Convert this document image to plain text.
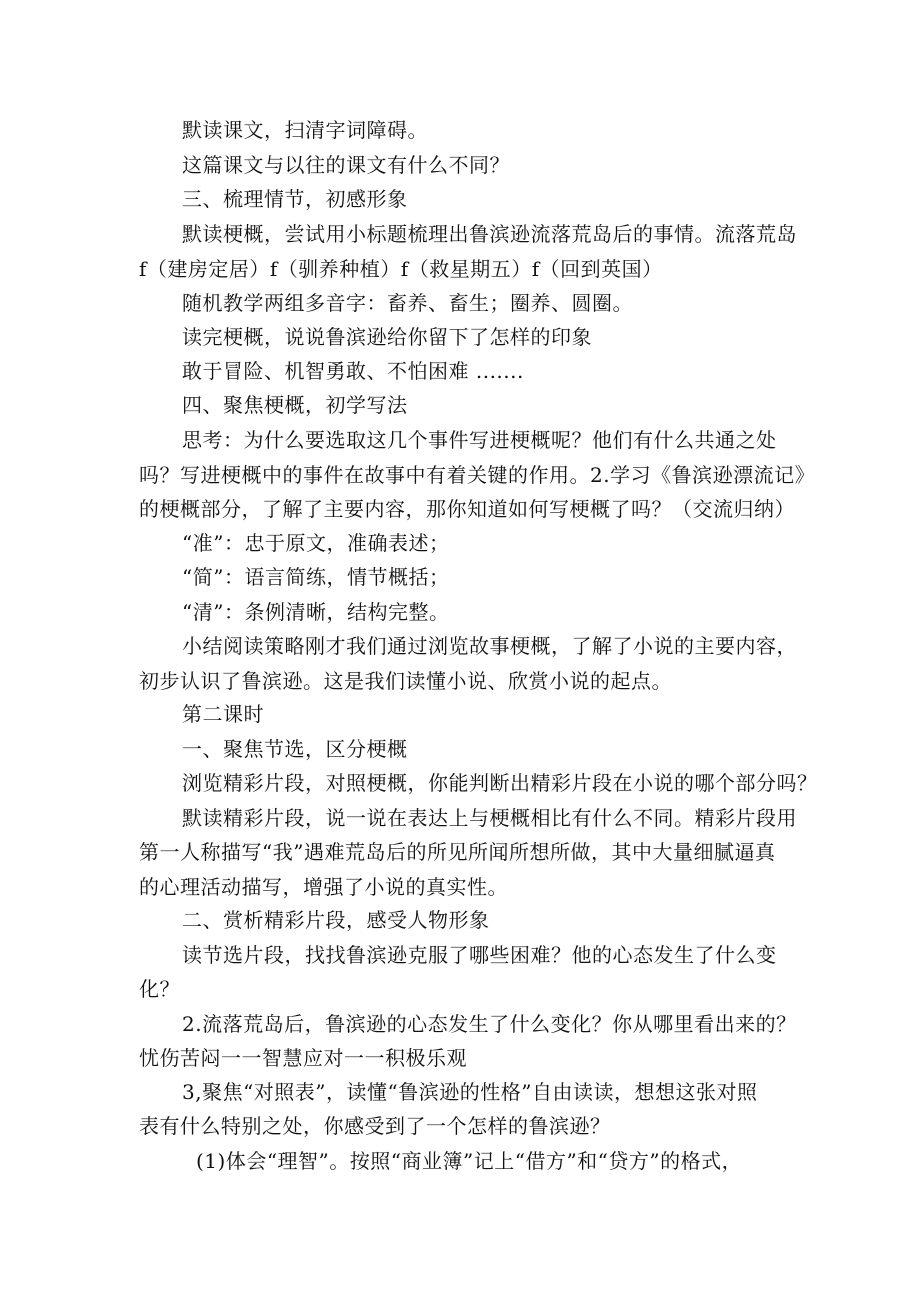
默读课文，扫清字词障碍。
这篇课文与以往的课文有什么不同？
三、梳理情节，初感形象
默读梗概，尝试用小标题梳理出鲁滨逊流落荒岛后的事情。流落荒岛
f（建房定居）f（驯养种植）f（救星期五）f（回到英国）
随机教学两组多音字：畜养、畜生；圈养、圆圈。
读完梗概，说说鲁滨逊给你留下了怎样的印象
敢于冒险、机智勇敢、不怕困难 .......
四、聚焦梗概，初学写法
思考：为什么要选取这几个事件写进梗概呢？他们有什么共通之处
吗？写进梗概中的事件在故事中有着关键的作用。2.学习《鲁滨逊漂流记》
的梗概部分，了解了主要内容，那你知道如何写梗概了吗？（交流归纳）
“准”：忠于原文，准确表述；
“简”：语言简练，情节概括；
“清”：条例清晰，结构完整。
小结阅读策略刚才我们通过浏览故事梗概，了解了小说的主要内容，
初步认识了鲁滨逊。这是我们读懂小说、欣赏小说的起点。
第二课时
一、聚焦节选，区分梗概
浏览精彩片段，对照梗概，你能判断出精彩片段在小说的哪个部分吗？
默读精彩片段，说一说在表达上与梗概相比有什么不同。精彩片段用
第一人称描写“我”遇难荒岛后的所见所闻所想所做，其中大量细腻逼真
的心理活动描写，增强了小说的真实性。
二、赏析精彩片段，感受人物形象
读节选片段，找找鲁滨逊克服了哪些困难？他的心态发生了什么变
化？
2.流落荒岛后，鲁滨逊的心态发生了什么变化？你从哪里看出来的？
忧伤苦闷一一智慧应对一一积极乐观
3,聚焦“对照表”，读懂“鲁滨逊的性格”自由读读，想想这张对照
表有什么特别之处，你感受到了一个怎样的鲁滨逊？
(1)体会“理智”。按照“商业簿”记上“借方”和“贷方”的格式，
